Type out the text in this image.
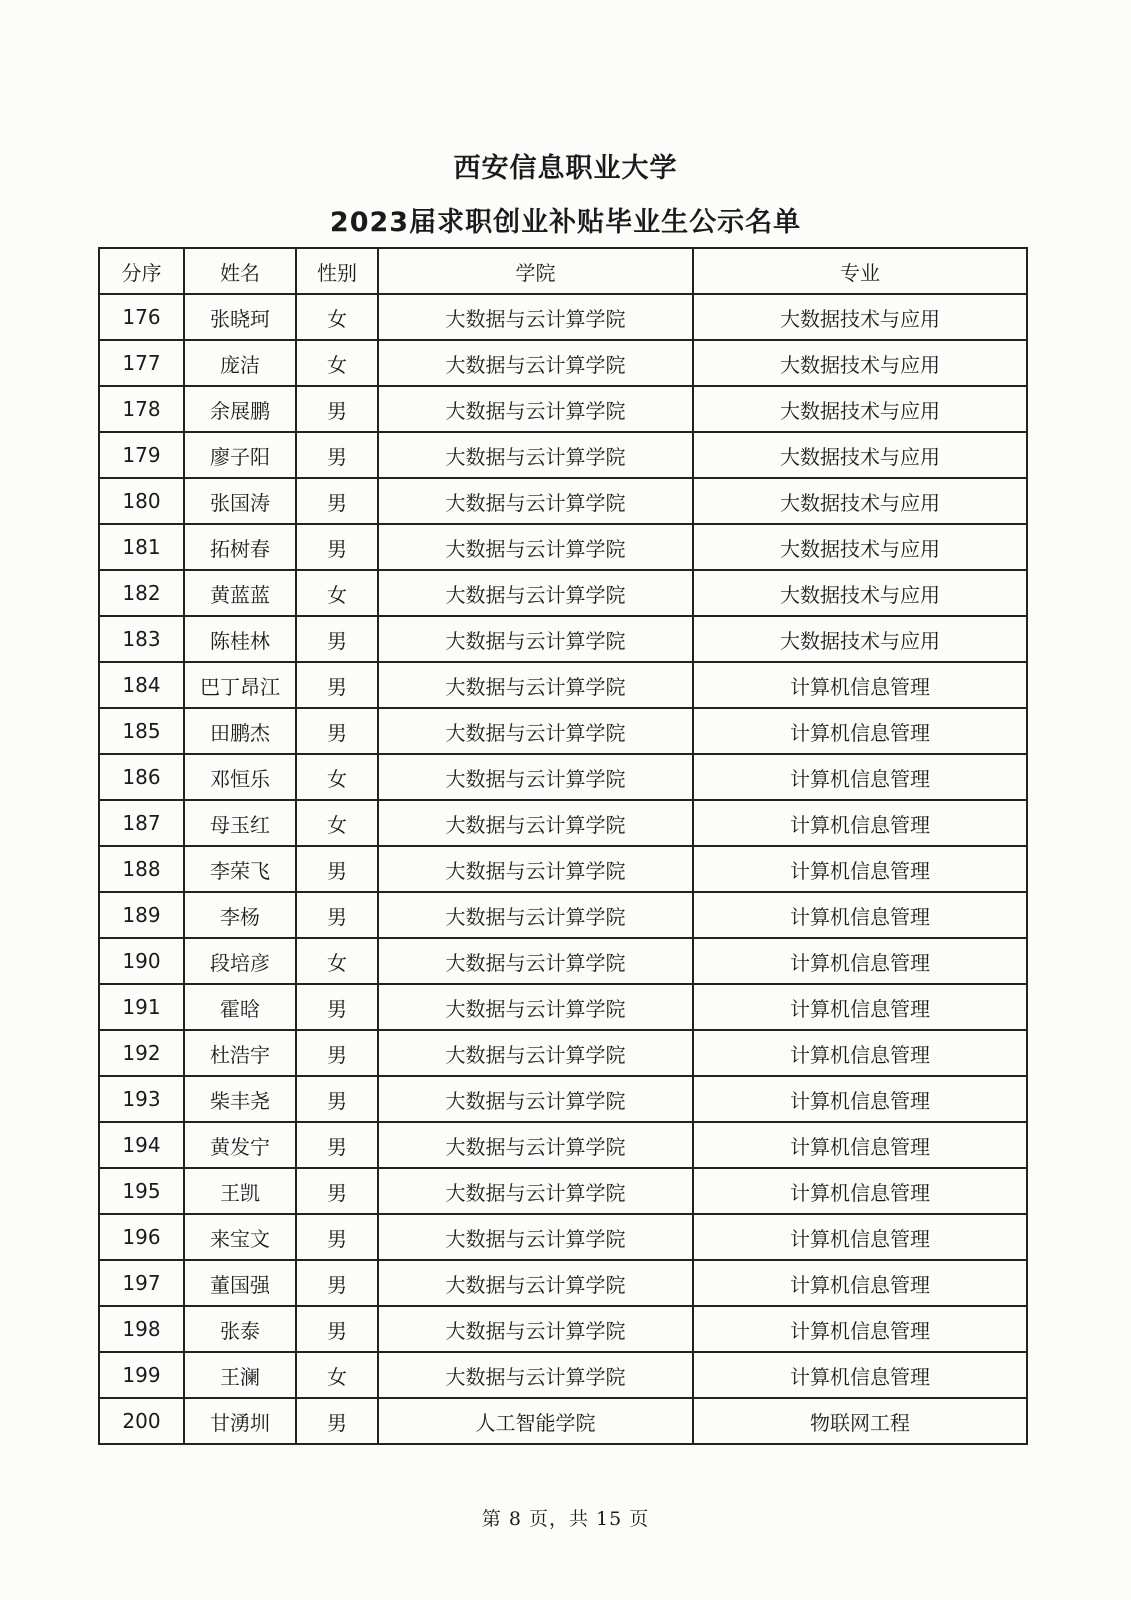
西安信息职业大学
2023届求职创业补贴毕业生公示名单
分序	姓名	性别	学院	专业
176	张晓珂	女	大数据与云计算学院	大数据技术与应用
177	庞洁	女	大数据与云计算学院	大数据技术与应用
178	余展鹏	男	大数据与云计算学院	大数据技术与应用
179	廖子阳	男	大数据与云计算学院	大数据技术与应用
180	张国涛	男	大数据与云计算学院	大数据技术与应用
181	拓树春	男	大数据与云计算学院	大数据技术与应用
182	黄蓝蓝	女	大数据与云计算学院	大数据技术与应用
183	陈桂林	男	大数据与云计算学院	大数据技术与应用
184	巴丁昂江	男	大数据与云计算学院	计算机信息管理
185	田鹏杰	男	大数据与云计算学院	计算机信息管理
186	邓恒乐	女	大数据与云计算学院	计算机信息管理
187	母玉红	女	大数据与云计算学院	计算机信息管理
188	李荣飞	男	大数据与云计算学院	计算机信息管理
189	李杨	男	大数据与云计算学院	计算机信息管理
190	段培彦	女	大数据与云计算学院	计算机信息管理
191	霍晗	男	大数据与云计算学院	计算机信息管理
192	杜浩宇	男	大数据与云计算学院	计算机信息管理
193	柴丰尧	男	大数据与云计算学院	计算机信息管理
194	黄发宁	男	大数据与云计算学院	计算机信息管理
195	王凯	男	大数据与云计算学院	计算机信息管理
196	来宝文	男	大数据与云计算学院	计算机信息管理
197	董国强	男	大数据与云计算学院	计算机信息管理
198	张泰	男	大数据与云计算学院	计算机信息管理
199	王澜	女	大数据与云计算学院	计算机信息管理
200	甘湧圳	男	人工智能学院	物联网工程
第 8 页，共 15 页
